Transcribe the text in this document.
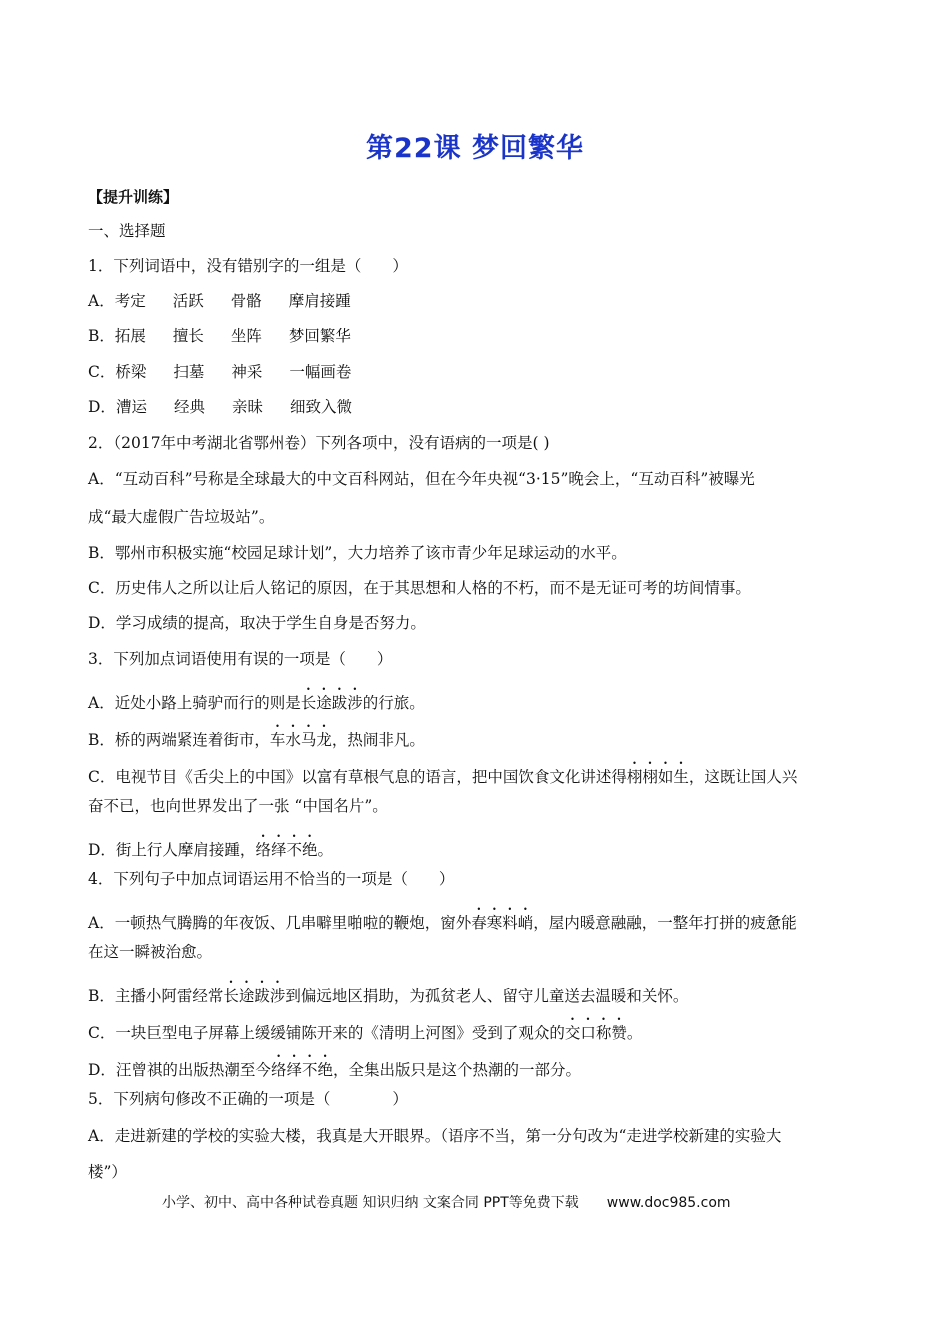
第22课 梦回繁华
【提升训练】
一、选择题
1．下列词语中，没有错别字的一组是（　　）
A．考定 活跃 骨骼 摩肩接踵
B．拓展 擅长 坐阵 梦回繁华
C．桥梁 扫墓 神采 一幅画卷
D．漕运 经典 亲昧 细致入微
2．（2017年中考湖北省鄂州卷）下列各项中，没有语病的一项是( )
A．“互动百科”号称是全球最大的中文百科网站，但在今年央视“3·15”晚会上，“互动百科”被曝光
成“最大虚假广告垃圾站”。
B．鄂州市积极实施“校园足球计划”，大力培养了该市青少年足球运动的水平。
C．历史伟人之所以让后人铭记的原因，在于其思想和人格的不朽，而不是无证可考的坊间情事。
D．学习成绩的提高，取决于学生自身是否努力。
3．下列加点词语使用有误的一项是（　　）
A．近处小路上骑驴而行的则是长途跋涉的行旅。
B．桥的两端紧连着街市，车水马龙，热闹非凡。
C．电视节目《舌尖上的中国》以富有草根气息的语言，把中国饮食文化讲述得栩栩如生，这既让国人兴
奋不已，也向世界发出了一张 “中国名片”。
D．街上行人摩肩接踵，络绎不绝。
4．下列句子中加点词语运用不恰当的一项是（　　）
A．一顿热气腾腾的年夜饭、几串噼里啪啦的鞭炮，窗外春寒料峭，屋内暖意融融，一整年打拼的疲惫能
在这一瞬被治愈。
B．主播小阿雷经常长途跋涉到偏远地区捐助，为孤贫老人、留守儿童送去温暖和关怀。
C．一块巨型电子屏幕上缓缓铺陈开来的《清明上河图》受到了观众的交口称赞。
D．汪曾祺的出版热潮至今络绎不绝，全集出版只是这个热潮的一部分。
5．下列病句修改不正确的一项是（　　　　）
A．走进新建的学校的实验大楼，我真是大开眼界。（语序不当，第一分句改为“走进学校新建的实验大
楼”）
小学、初中、高中各种试卷真题 知识归纳 文案合同 PPT等免费下载 www.doc985.com
